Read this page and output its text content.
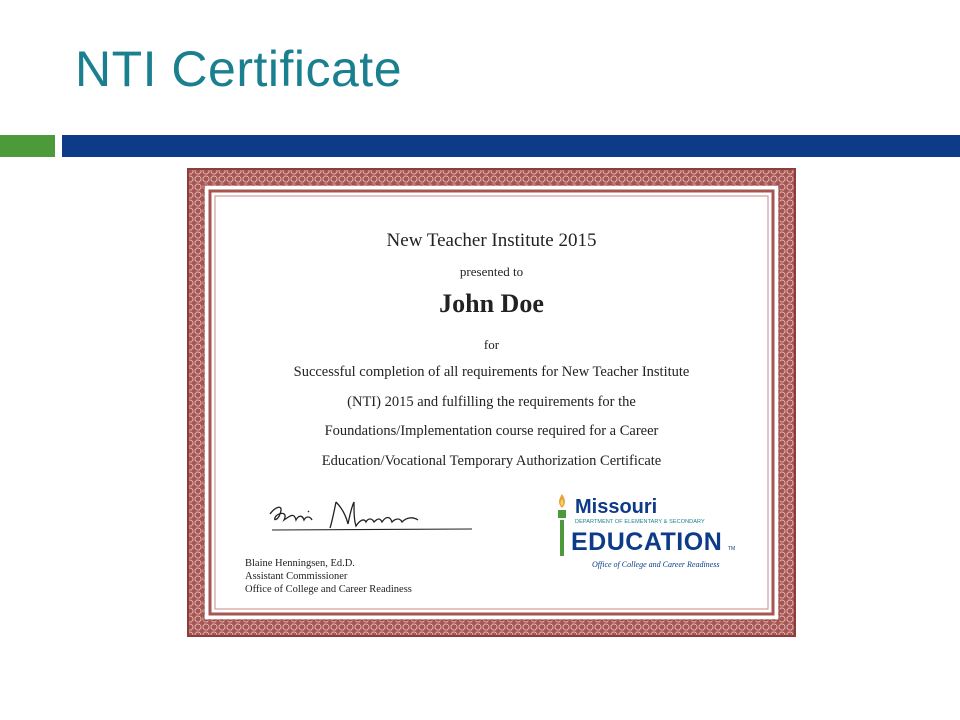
NTI Certificate
New Teacher Institute 2015
presented to
John Doe
for
Successful completion of all requirements for New Teacher Institute
(NTI) 2015 and fulfilling the requirements for the
Foundations/Implementation course required for a Career
Education/Vocational Temporary Authorization Certificate
Blaine Henningsen, Ed.D.
Assistant Commissioner
Office of College and Career Readiness
Missouri
DEPARTMENT OF ELEMENTARY & SECONDARY
EDUCATION TM
Office of College and Career Readiness
